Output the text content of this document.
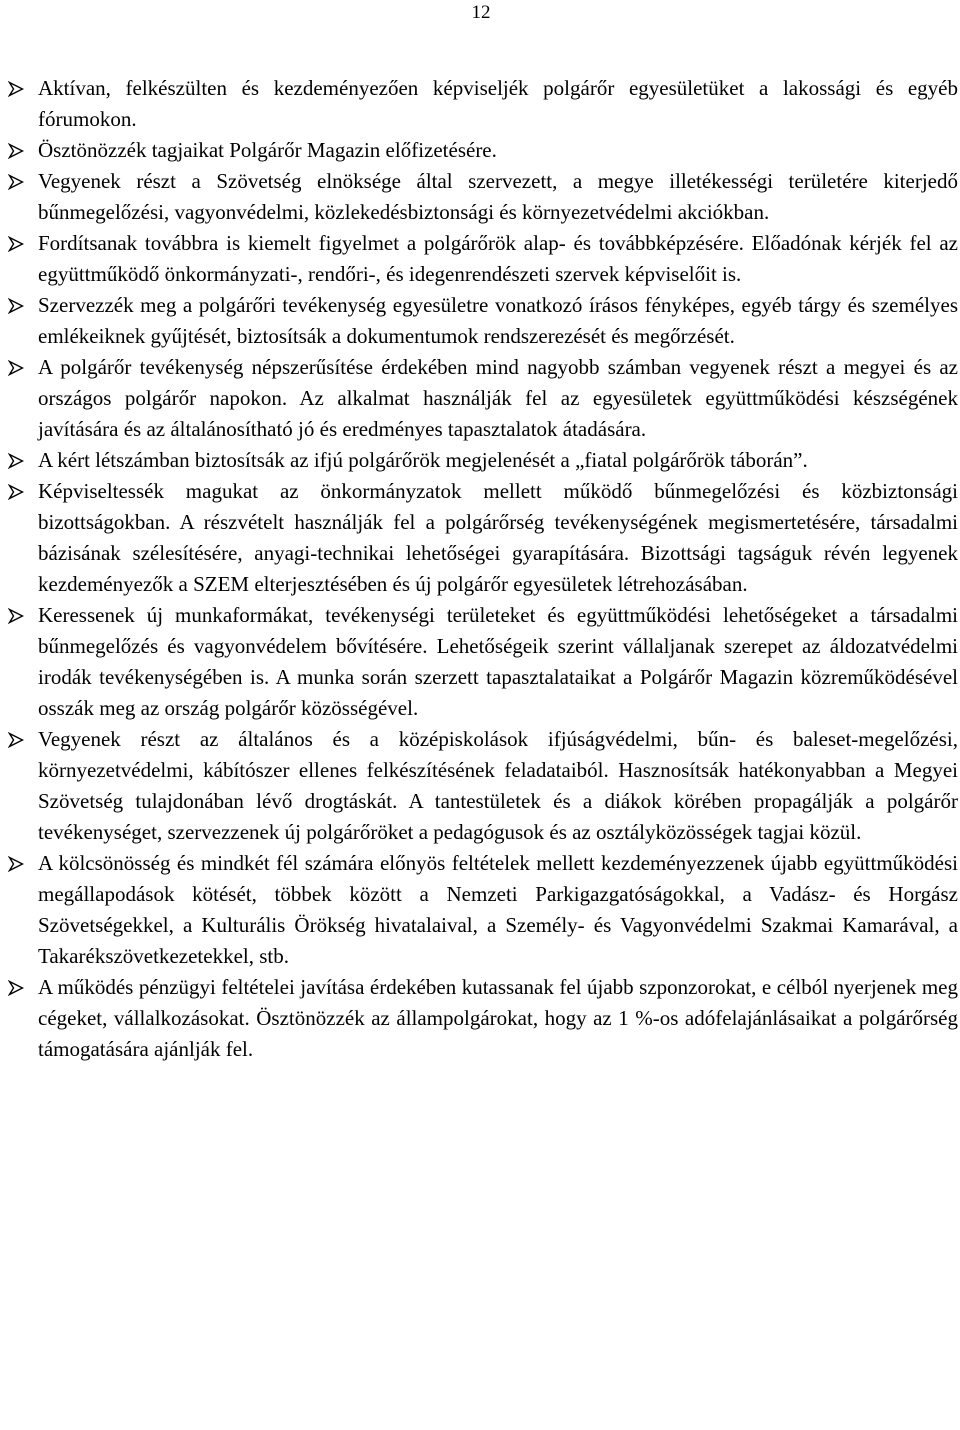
12
Aktívan, felkészülten és kezdeményezően képviseljék polgárőr egyesületüket a lakossági és egyéb fórumokon.
Ösztönözzék tagjaikat Polgárőr Magazin előfizetésére.
Vegyenek részt a Szövetség elnöksége által szervezett, a megye illetékességi területére kiterjedő bűnmegelőzési, vagyonvédelmi, közlekedésbiztonsági és környezetvédelmi akciókban.
Fordítsanak továbbra is kiemelt figyelmet a polgárőrök alap- és továbbképzésére. Előadónak kérjék fel az együttműködő önkormányzati-, rendőri-, és idegenrendészeti szervek képviselőit is.
Szervezzék meg a polgárőri tevékenység egyesületre vonatkozó írásos fényképes, egyéb tárgy és személyes emlékeiknek gyűjtését, biztosítsák a dokumentumok rendszerezését és megőrzését.
A polgárőr tevékenység népszerűsítése érdekében mind nagyobb számban vegyenek részt a megyei és az országos polgárőr napokon. Az alkalmat használják fel az egyesületek együttműködési készségének javítására és az általánosítható jó és eredményes tapasztalatok átadására.
A kért létszámban biztosítsák az ifjú polgárőrök megjelenését a „fiatal polgárőrök táborán”.
Képviseltessék magukat az önkormányzatok mellett működő bűnmegelőzési és közbiztonsági bizottságokban. A részvételt használják fel a polgárőrség tevékenységének megismertetésére, társadalmi bázisának szélesítésére, anyagi-technikai lehetőségei gyarapítására. Bizottsági tagságuk révén legyenek kezdeményezők a SZEM elterjesztésében és új polgárőr egyesületek létrehozásában.
Keressenek új munkaformákat, tevékenységi területeket és együttműködési lehetőségeket a társadalmi bűnmegelőzés és vagyonvédelem bővítésére. Lehetőségeik szerint vállaljanak szerepet az áldozatvédelmi irodák tevékenységében is. A munka során szerzett tapasztalataikat a Polgárőr Magazin közreműködésével osszák meg az ország polgárőr közösségével.
Vegyenek részt az általános és a középiskolások ifjúságvédelmi, bűn- és baleset-megelőzési, környezetvédelmi, kábítószer ellenes felkészítésének feladataiból. Hasznosítsák hatékonyabban a Megyei Szövetség tulajdonában lévő drogtáskát. A tantestületek és a diákok körében propagálják a polgárőr tevékenységet, szervezzenek új polgárőröket a pedagógusok és az osztályközösségek tagjai közül.
A kölcsönösség és mindkét fél számára előnyös feltételek mellett kezdeményezzenek újabb együttműködési megállapodások kötését, többek között a Nemzeti Parkigazgatóságokkal, a Vadász- és Horgász Szövetségekkel, a Kulturális Örökség hivatalaival, a Személy- és Vagyonvédelmi Szakmai Kamarával, a Takarékszövetkezetekkel, stb.
A működés pénzügyi feltételei javítása érdekében kutassanak fel újabb szponzorokat, e célból nyerjenek meg cégeket, vállalkozásokat. Ösztönözzék az állampolgárokat, hogy az 1 %-os adófelajánlásaikat a polgárőrség támogatására ajánlják fel.
